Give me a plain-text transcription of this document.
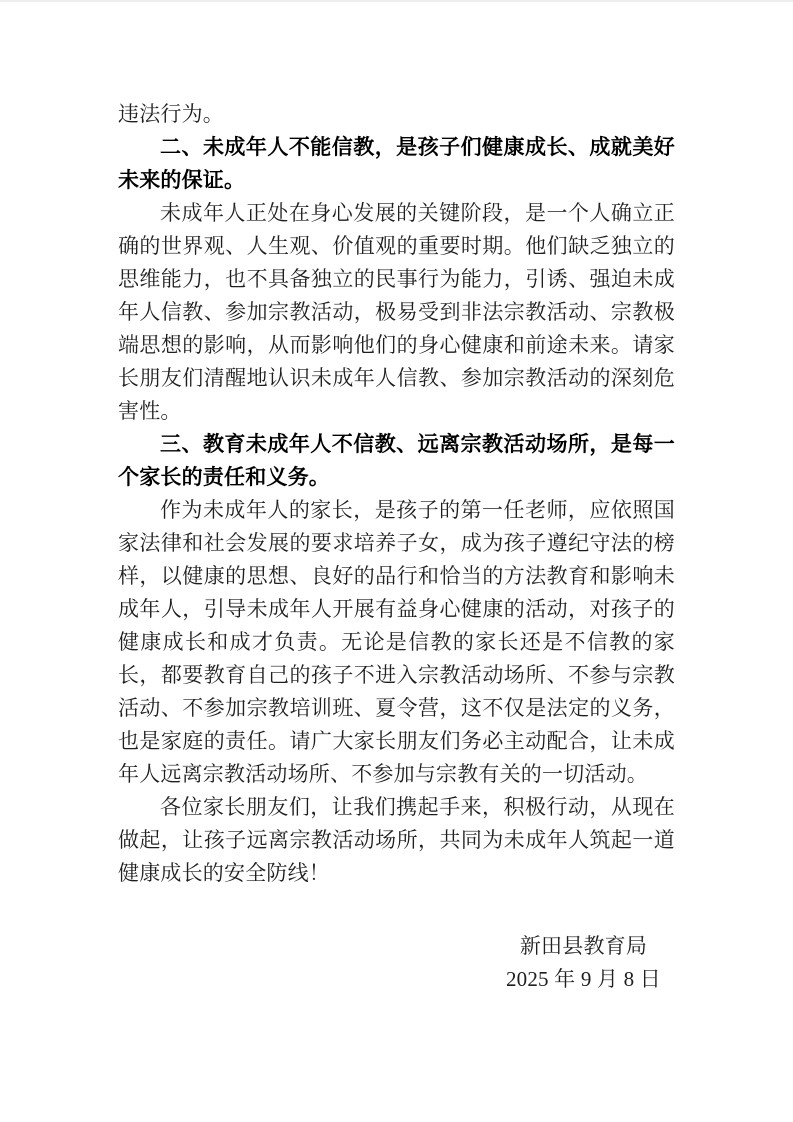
违法行为。

二、未成年人不能信教，是孩子们健康成长、成就美好未来的保证。

未成年人正处在身心发展的关键阶段，是一个人确立正确的世界观、人生观、价值观的重要时期。他们缺乏独立的思维能力，也不具备独立的民事行为能力，引诱、强迫未成年人信教、参加宗教活动，极易受到非法宗教活动、宗教极端思想的影响，从而影响他们的身心健康和前途未来。请家长朋友们清醒地认识未成年人信教、参加宗教活动的深刻危害性。

三、教育未成年人不信教、远离宗教活动场所，是每一个家长的责任和义务。

作为未成年人的家长，是孩子的第一任老师，应依照国家法律和社会发展的要求培养子女，成为孩子遵纪守法的榜样，以健康的思想、良好的品行和恰当的方法教育和影响未成年人，引导未成年人开展有益身心健康的活动，对孩子的健康成长和成才负责。无论是信教的家长还是不信教的家长，都要教育自己的孩子不进入宗教活动场所、不参与宗教活动、不参加宗教培训班、夏令营，这不仅是法定的义务，也是家庭的责任。请广大家长朋友们务必主动配合，让未成年人远离宗教活动场所、不参加与宗教有关的一切活动。

各位家长朋友们，让我们携起手来，积极行动，从现在做起，让孩子远离宗教活动场所，共同为未成年人筑起一道健康成长的安全防线！

新田县教育局

2025 年 9 月 8 日
